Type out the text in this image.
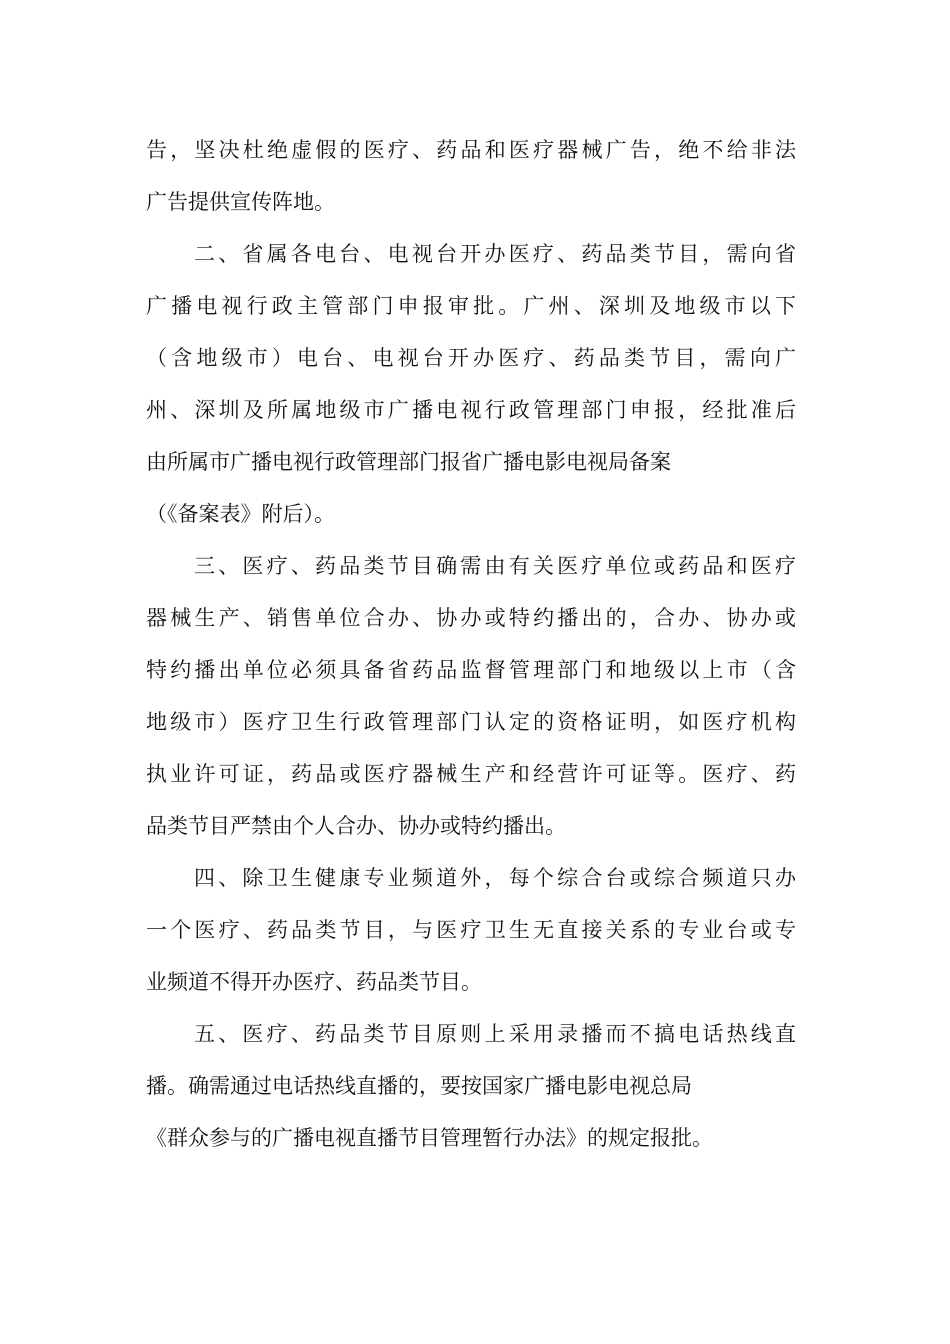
告，坚决杜绝虚假的医疗、药品和医疗器械广告，绝不给非法
广告提供宣传阵地。
二、省属各电台、电视台开办医疗、药品类节目，需向省
广播电视行政主管部门申报审批。广州、深圳及地级市以下
（含地级市）电台、电视台开办医疗、药品类节目，需向广
州、深圳及所属地级市广播电视行政管理部门申报，经批准后
由所属市广播电视行政管理部门报省广播电影电视局备案
（《备案表》附后）。
三、医疗、药品类节目确需由有关医疗单位或药品和医疗
器械生产、销售单位合办、协办或特约播出的，合办、协办或
特约播出单位必须具备省药品监督管理部门和地级以上市（含
地级市）医疗卫生行政管理部门认定的资格证明，如医疗机构
执业许可证，药品或医疗器械生产和经营许可证等。医疗、药
品类节目严禁由个人合办、协办或特约播出。
四、除卫生健康专业频道外，每个综合台或综合频道只办
一个医疗、药品类节目，与医疗卫生无直接关系的专业台或专
业频道不得开办医疗、药品类节目。
五、医疗、药品类节目原则上采用录播而不搞电话热线直
播。确需通过电话热线直播的，要按国家广播电影电视总局
《群众参与的广播电视直播节目管理暂行办法》的规定报批。
